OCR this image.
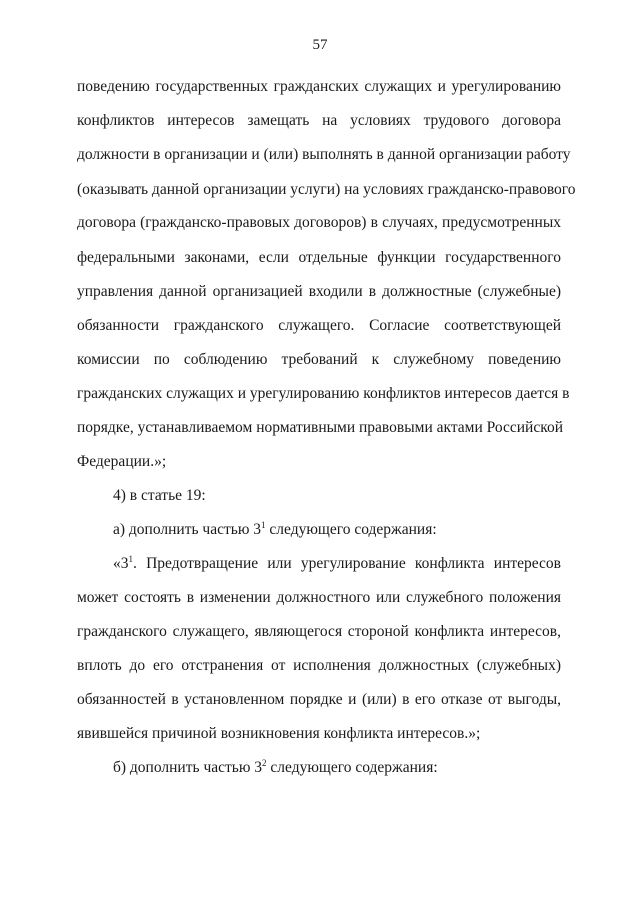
57
поведению государственных гражданских служащих и урегулированию
конфликтов интересов замещать на условиях трудового договора
должности в организации и (или) выполнять в данной организации работу
(оказывать данной организации услуги) на условиях гражданско-правового
договора (гражданско-правовых договоров) в случаях, предусмотренных
федеральными законами, если отдельные функции государственного
управления данной организацией входили в должностные (служебные)
обязанности гражданского служащего. Согласие соответствующей
комиссии по соблюдению требований к служебному поведению
гражданских служащих и урегулированию конфликтов интересов дается в
порядке, устанавливаемом нормативными правовыми актами Российской
Федерации.»;
4) в статье 19:
а) дополнить частью $3^1$ следующего содержания:
«$3^1$. Предотвращение или урегулирование конфликта интересов
может состоять в изменении должностного или служебного положения
гражданского служащего, являющегося стороной конфликта интересов,
вплоть до его отстранения от исполнения должностных (служебных)
обязанностей в установленном порядке и (или) в его отказе от выгоды,
явившейся причиной возникновения конфликта интересов.»;
б) дополнить частью $3^2$ следующего содержания:
